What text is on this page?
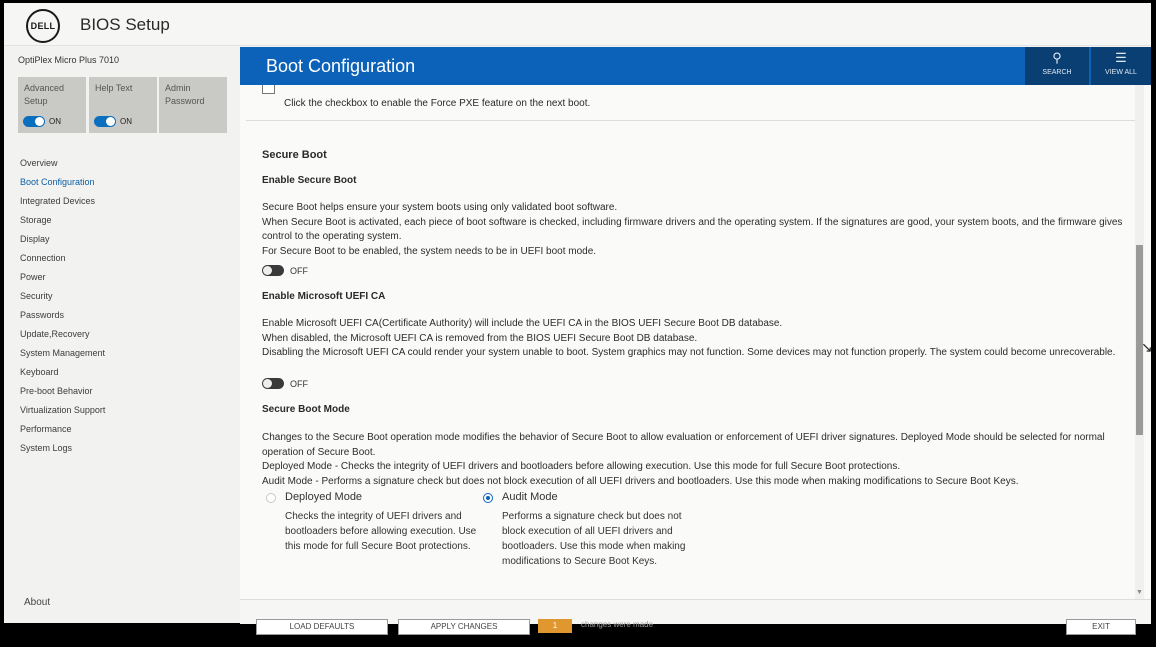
DELL BIOS Setup
OptiPlex Micro Plus 7010
Advanced Setup
ON
Help Text
ON
Admin Password
Overview
Boot Configuration
Integrated Devices
Storage
Display
Connection
Power
Security
Passwords
Update,Recovery
System Management
Keyboard
Pre-boot Behavior
Virtualization Support
Performance
System Logs
About
Boot Configuration	⚲
SEARCH
☰
VIEW ALL
Click the checkbox to enable the Force PXE feature on the next boot.
Secure Boot
Enable Secure Boot
Secure Boot helps ensure your system boots using only validated boot software.
When Secure Boot is activated, each piece of boot software is checked, including firmware drivers and the operating system. If the signatures are good, your system boots, and the firmware gives control to the operating system.
For Secure Boot to be enabled, the system needs to be in UEFI boot mode.
OFF
Enable Microsoft UEFI CA
Enable Microsoft UEFI CA(Certificate Authority) will include the UEFI CA in the BIOS UEFI Secure Boot DB database.
When disabled, the Microsoft UEFI CA is removed from the BIOS UEFI Secure Boot DB database.
Disabling the Microsoft UEFI CA could render your system unable to boot. System graphics may not function. Some devices may not function properly. The system could become unrecoverable.
OFF
Secure Boot Mode
Changes to the Secure Boot operation mode modifies the behavior of Secure Boot to allow evaluation or enforcement of UEFI driver signatures. Deployed Mode should be selected for normal operation of Secure Boot.
Deployed Mode - Checks the integrity of UEFI drivers and bootloaders before allowing execution. Use this mode for full Secure Boot protections.
Audit Mode - Performs a signature check but does not block execution of all UEFI drivers and bootloaders. Use this mode when making modifications to Secure Boot Keys.
Deployed Mode
Checks the integrity of UEFI drivers and bootloaders before allowing execution. Use this mode for full Secure Boot protections.
Audit Mode
Performs a signature check but does not block execution of all UEFI drivers and bootloaders. Use this mode when making modifications to Secure Boot Keys.
▼
LOAD DEFAULTS	APPLY CHANGES	1	changes were made	EXIT
↘
